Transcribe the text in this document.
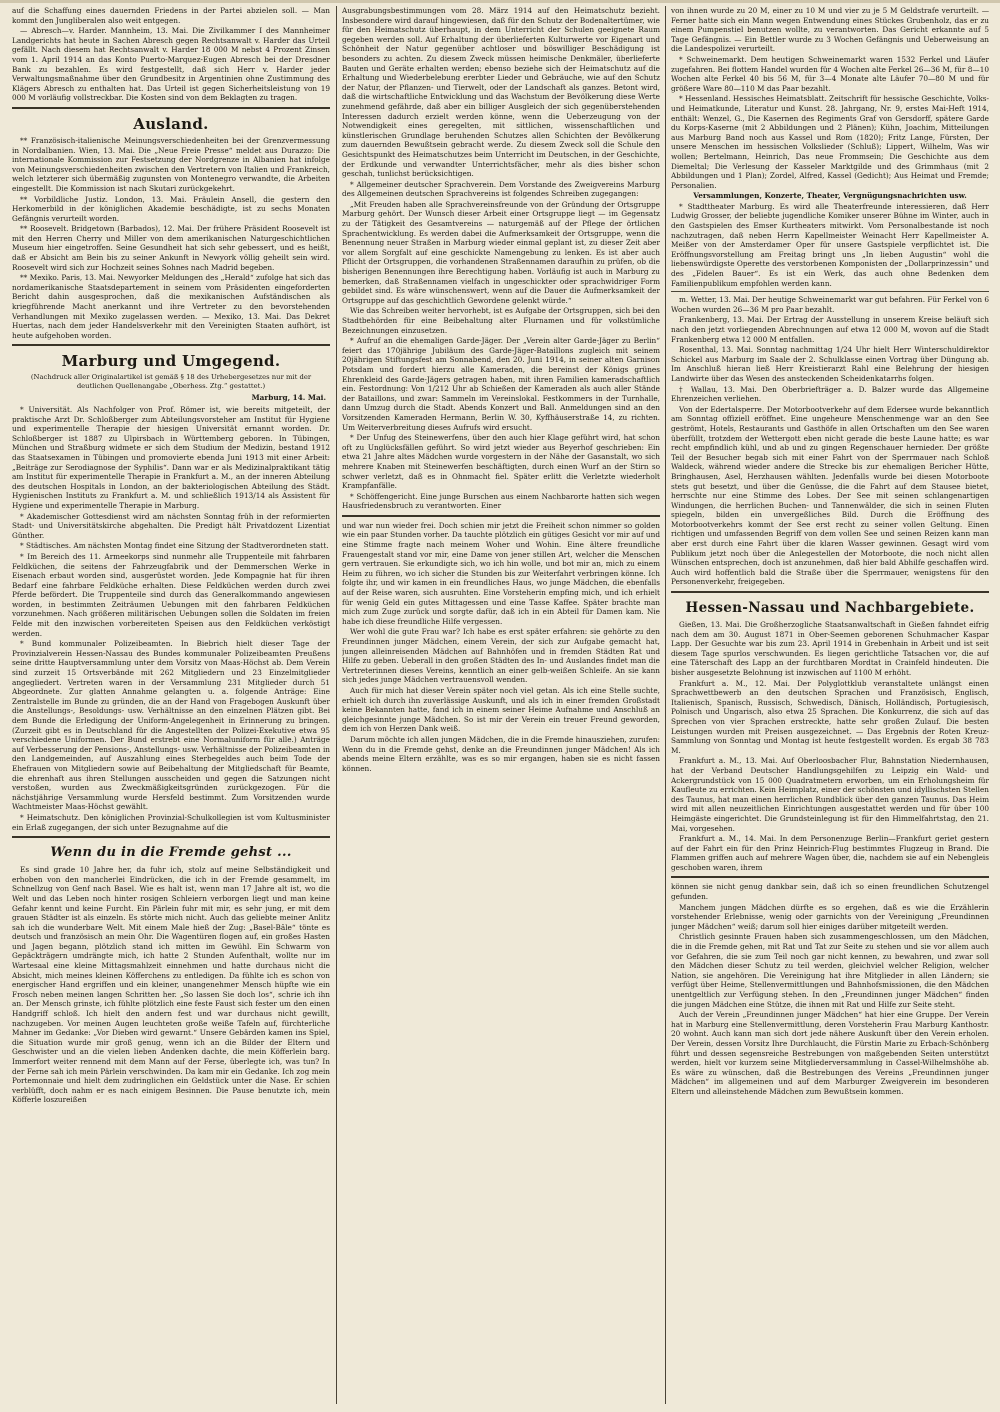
auf die Schaffung eines dauernden Friedens in der Partei abzielen soll. — Man kommt den Jungliberalen also weit entgegen.

— Abresch—v. Harder. Mannheim, 13. Mai. Die Zivilkammer I des Mannheimer Landgerichts hat heute in Sachen Abresch gegen Rechtsanwalt v. Harder das Urteil gefällt. Nach diesem hat Rechtsanwalt v. Harder 18 000 M nebst 4 Prozent Zinsen vom 1. April 1914 an das Konto Puerto-Marquez-Eugen Abresch bei der Dresdner Bank zu bezahlen. Es wird festgestellt, daß sich Herr v. Harder jeder Verwaltungsmaßnahme über den Grundbesitz in Argentinien ohne Zustimmung des Klägers Abresch zu enthalten hat. Das Urteil ist gegen Sicherheitsleistung von 19 000 M vorläufig vollstreckbar. Die Kosten sind von dem Beklagten zu tragen.

Ausland.

** Französisch-italienische Meinungsverschiedenheiten bei der Grenzvermessung in Nordalbanien. Wien, 13. Mai. Die „Neue Freie Presse“ meldet aus Durazzo: Die internationale Kommission zur Festsetzung der Nordgrenze in Albanien hat infolge von Meinungsverschiedenheiten zwischen den Vertretern von Italien und Frankreich, welch letzterer sich übermäßig zugunsten von Montenegro verwandte, die Arbeiten eingestellt. Die Kommission ist nach Skutari zurückgekehrt.

** Vorbildliche Justiz. London, 13. Mai. Fräulein Ansell, die gestern den Herkomerbild in der königlichen Akademie beschädigte, ist zu sechs Monaten Gefängnis verurteilt worden.

** Roosevelt. Bridgetown (Barbados), 12. Mai. Der frühere Präsident Roosevelt ist mit den Herren Cherry und Miller von dem amerikanischen Naturgeschichtlichen Museum hier eingetroffen. Seine Gesundheit hat sich sehr gebessert, und es heißt, daß er Absicht am Bein bis zu seiner Ankunft in Newyork völlig geheilt sein wird. Roosevelt wird sich zur Hochzeit seines Sohnes nach Madrid begeben.

** Mexiko. Paris, 13. Mai. Newyorker Meldungen des „Herald“ zufolge hat sich das nordamerikanische Staatsdepartement in seinem vom Präsidenten eingeforderten Bericht dahin ausgesprochen, daß die mexikanischen Aufständischen als kriegführende Macht anerkannt und ihre Vertreter zu den bevorstehenden Verhandlungen mit Mexiko zugelassen werden. — Mexiko, 13. Mai. Das Dekret Huertas, nach dem jeder Handelsverkehr mit den Vereinigten Staaten aufhört, ist heute aufgehoben worden.

Marburg und Umgegend.
(Nachdruck aller Originalartikel ist gemäß § 18 des Urhebergesetzes nur mit der deutlichen Quellenangabe „Oberhess. Ztg.“ gestattet.)
Marburg, 14. Mai.

* Universität. Als Nachfolger von Prof. Römer ist, wie bereits mitgeteilt, der praktische Arzt Dr. Schloßberger zum Abteilungsvorsteher am Institut für Hygiene und experimentelle Therapie der hiesigen Universität ernannt worden. Dr. Schloßberger ist 1887 zu Ulpirsbach in Württemberg geboren. In Tübingen, München und Straßburg widmete er sich dem Studium der Medizin, bestand 1912 das Staatsexamen in Tübingen und promovierte ebenda Juni 1913 mit einer Arbeit: „Beiträge zur Serodiagnose der Syphilis“. Dann war er als Medizinalpraktikant tätig am Institut für experimentelle Therapie in Frankfurt a. M., an der inneren Abteilung des deutschen Hospitals in London, an der bakteriologischen Abteilung des Städt. Hygienischen Instituts zu Frankfurt a. M. und schließlich 1913/14 als Assistent für Hygiene und experimentelle Therapie in Marburg.

* Akademischer Gottesdienst wird am nächsten Sonntag früh in der reformierten Stadt- und Universitätskirche abgehalten. Die Predigt hält Privatdozent Lizentiat Günther.

* Städtisches. Am nächsten Montag findet eine Sitzung der Stadtverordneten statt.

* Im Bereich des 11. Armeekorps sind nunmehr alle Truppenteile mit fahrbaren Feldküchen, die seitens der Fahrzeugfabrik und der Demmerschen Werke in Eisenach erbaut worden sind, ausgerüstet worden. Jede Kompagnie hat für ihren Bedarf eine fahrbare Feldküche erhalten. Diese Feldküchen werden durch zwei Pferde befördert. Die Truppenteile sind durch das Generalkommando angewiesen worden, in bestimmten Zeiträumen Uebungen mit den fahrbaren Feldküchen vorzunehmen. Nach größeren militärischen Uebungen sollen die Soldaten im freien Felde mit den inzwischen vorbereiteten Speisen aus den Feldküchen verköstigt werden.

* Bund kommunaler Polizeibeamten. In Biebrich hielt dieser Tage der Provinzialverein Hessen-Nassau des Bundes kommunaler Polizeibeamten Preußens seine dritte Hauptversammlung unter dem Vorsitz von Maas-Höchst ab. Dem Verein sind zurzeit 15 Ortsverbände mit 262 Mitgliedern und 23 Einzelmitglieder angegliedert. Vertreten waren in der Versammlung 231 Mitglieder durch 51 Abgeordnete. Zur glatten Annahme gelangten u. a. folgende Anträge: Eine Zentralstelle im Bunde zu gründen, die an der Hand von Fragebogen Auskunft über die Anstellungs-, Besoldungs- usw. Verhältnisse an den einzelnen Plätzen gibt. Bei dem Bunde die Erledigung der Uniform-Angelegenheit in Erinnerung zu bringen. (Zurzeit gibt es in Deutschland für die Angestellten der Polizei-Exekutive etwa 95 verschiedene Uniformen. Der Bund erstrebt eine Normaluniform für alle.) Anträge auf Verbesserung der Pensions-, Anstellungs- usw. Verhältnisse der Polizeibeamten in den Landgemeinden, auf Auszahlung eines Sterbegeldes auch beim Tode der Ehefrauen von Mitgliedern sowie auf Beibehaltung der Mitgliedschaft für Beamte, die ehrenhaft aus ihren Stellungen ausscheiden und gegen die Satzungen nicht verstoßen, wurden aus Zweckmäßigkeitsgründen zurückgezogen. Für die nächstjährige Versammlung wurde Hersfeld bestimmt. Zum Vorsitzenden wurde Wachtmeister Maas-Höchst gewählt.

* Heimatschutz. Den königlichen Provinzial-Schulkollegien ist vom Kultusminister ein Erlaß zugegangen, der sich unter Bezugnahme auf die

Wenn du in die Fremde gehst ...

Es sind grade 10 Jahre her, da fuhr ich, stolz auf meine Selbständigkeit und erhoben von den mancherlei Eindrücken, die ich in der Fremde gesammelt, im Schnellzug von Genf nach Basel. Wie es halt ist, wenn man 17 Jahre alt ist, wo die Welt und das Leben noch hinter rosigen Schleiern verborgen liegt und man keine Gefahr kennt und keine Furcht. Ein Pärlein fuhr mit mir, es sehr jung, er mit dem grauen Städter ist als einzeln. Es störte mich nicht. Auch das geliebte meiner Anlitz sah ich die wunderbare Welt. Mit einem Male hieß der Zug: „Basel-Bâle“ tönte es deutsch und französisch an mein Ohr. Die Wagentüren flogen auf, ein großes Hasten und Jagen begann, plötzlich stand ich mitten im Gewühl. Ein Schwarm von Gepäckträgern umdrängte mich, ich hatte 2 Stunden Aufenthalt, wollte nur im Wartesaal eine kleine Mittagsmahlzeit einnehmen und hatte durchaus nicht die Absicht, mich meines kleinen Köfferchens zu entledigen. Da fühlte ich es schon von energischer Hand ergriffen und ein kleiner, unangenehmer Mensch hüpfte wie ein Frosch neben meinen langen Schritten her. „So lassen Sie doch los“, schrie ich ihn an. Der Mensch grinste, ich fühlte plötzlich eine feste Faust sich fester um den einen Handgriff schloß. Ich hielt den andern fest und war durchaus nicht gewillt, nachzugeben. Vor meinen Augen leuchteten große weiße Tafeln auf, fürchterliche Mahner im Gedanke: „Vor Dieben wird gewarnt.“ Unsere Gebärden kamen ins Spiel, die Situation wurde mir groß genug, wenn ich an die Bilder der Eltern und Geschwister und an die vielen lieben Andenken dachte, die mein Köfferlein barg. Immerfort weiter rennend mit dem Mann auf der Ferse, überlegte ich, was tun? In der Ferne sah ich mein Pärlein verschwinden. Da kam mir ein Gedanke. Ich zog mein Portemonnaie und hielt dem zudringlichen ein Geldstück unter die Nase. Er schien verblüfft, doch nahm er es nach einigem Besinnen. Die Pause benutzte ich, mein Köfferle loszureißen

Ausgrabungsbestimmungen vom 28. März 1914 auf den Heimatschutz bezieht. Insbesondere wird darauf hingewiesen, daß für den Schutz der Bodenaltertümer, wie für den Heimatschutz überhaupt, in dem Unterricht der Schulen geeignete Raum gegeben werden soll. Auf Erhaltung der überlieferten Kulturwerte vor Eigenart und Schönheit der Natur gegenüber achtloser und böswilliger Beschädigung ist besonders zu achten. Zu diesem Zweck müssen heimische Denkmäler, überlieferte Bauten und Geräte erhalten werden; ebenso beziehe sich der Heimatschutz auf die Erhaltung und Wiederbelebung ererbter Lieder und Gebräuche, wie auf den Schutz der Natur, der Pflanzen- und Tierwelt, oder der Landschaft als ganzes. Betont wird, daß die wirtschaftliche Entwicklung und das Wachstum der Bevölkerung diese Werte zunehmend gefährde, daß aber ein billiger Ausgleich der sich gegenüberstehenden Interessen dadurch erzielt werden könne, wenn die Ueberzeugung von der Notwendigkeit eines geregelten, mit sittlichen, wissenschaftlichen und künstlerischen Grundlage beruhenden Schutzes allen Schichten der Bevölkerung zum dauernden Bewußtsein gebracht werde. Zu diesem Zweck soll die Schule den Gesichtspunkt des Heimatschutzes beim Unterricht im Deutschen, in der Geschichte, der Erdkunde und verwandter Unterrichtsfächer, mehr als dies bisher schon geschah, tunlichst berücksichtigen.

* Allgemeiner deutscher Sprachverein. Dem Vorstande des Zweigvereins Marburg des Allgemeinen deutschen Sprachvereins ist folgendes Schreiben zugegangen:

„Mit Freuden haben alle Sprachvereinsfreunde von der Gründung der Ortsgruppe Marburg gehört. Der Wunsch dieser Arbeit einer Ortsgruppe liegt — im Gegensatz zu der Tätigkeit des Gesamtvereins — naturgemäß auf der Pflege der örtlichen Sprachentwicklung. Es werden dabei die Aufmerksamkeit der Ortsgruppe, wenn die Benennung neuer Straßen in Marburg wieder einmal geplant ist, zu dieser Zeit aber vor allem Sorgfalt auf eine geschickte Namengebung zu lenken. Es ist aber auch Pflicht der Ortsgruppen, die vorhandenen Straßennamen daraufhin zu prüfen, ob die bisherigen Benennungen ihre Berechtigung haben. Vorläufig ist auch in Marburg zu bemerken, daß Straßennamen vielfach in ungeschickter oder sprachwidriger Form gebildet sind. Es wäre wünschenswert, wenn auf die Dauer die Aufmerksamkeit der Ortsgruppe auf das geschichtlich Gewordene gelenkt würde.“

Wie das Schreiben weiter hervorhebt, ist es Aufgabe der Ortsgruppen, sich bei den Stadtbehörden für eine Beibehaltung alter Flurnamen und für volkstümliche Bezeichnungen einzusetzen.

* Aufruf an die ehemaligen Garde-Jäger. Der „Verein alter Garde-Jäger zu Berlin“ feiert das 170jährige Jubiläum des Garde-Jäger-Bataillons zugleich mit seinem 20jährigen Stiftungsfest am Sonnabend, den 20. Juni 1914, in seiner alten Garnison Potsdam und fordert hierzu alle Kameraden, die bereinst der Königs grünes Ehrenkleid des Garde-Jägers getragen haben, mit ihren Familien kameradschaftlich ein. Festordnung: Von 1/212 Uhr ab Schießen der Kameraden als auch aller Stände der Bataillons, und zwar: Sammeln im Vereinslokal. Festkommers in der Turnhalle, dann Umzug durch die Stadt. Abends Konzert und Ball. Anmeldungen sind an den Vorsitzenden Kameraden Hermann, Berlin W. 30, Kyffhäuserstraße 14, zu richten. Um Weiterverbreitung dieses Aufrufs wird ersucht.

* Der Unfug des Steinewerfens, über den auch hier Klage geführt wird, hat schon oft zu Unglücksfällen geführt. So wird jetzt wieder aus Beyerhof geschrieben: Ein etwa 21 Jahre altes Mädchen wurde vorgestern in der Nähe der Gasanstalt, wo sich mehrere Knaben mit Steinewerfen beschäftigten, durch einen Wurf an der Stirn so schwer verletzt, daß es in Ohnmacht fiel. Später erlitt die Verletzte wiederholt Krampfanfälle.

* Schöffengericht. Eine junge Burschen aus einem Nachbarorte hatten sich wegen Hausfriedensbruch zu verantworten. Einer

und war nun wieder frei. Doch schien mir jetzt die Freiheit schon nimmer so golden wie ein paar Stunden vorher. Da tauchte plötzlich ein gütiges Gesicht vor mir auf und eine Stimme fragte nach meinem Woher und Wohin. Eine ältere freundliche Frauengestalt stand vor mir, eine Dame von jener stillen Art, welcher die Menschen gern vertrauen. Sie erkundigte sich, wo ich hin wolle, und bot mir an, mich zu einem Heim zu führen, wo ich sicher die Stunden bis zur Weiterfahrt verbringen könne. Ich folgte ihr, und wir kamen in ein freundliches Haus, wo junge Mädchen, die ebenfalls auf der Reise waren, sich ausruhten. Eine Vorsteherin empfing mich, und ich erhielt für wenig Geld ein gutes Mittagessen und eine Tasse Kaffee. Später brachte man mich zum Zuge zurück und sorgte dafür, daß ich in ein Abteil für Damen kam. Nie habe ich diese freundliche Hilfe vergessen.

Wer wohl die gute Frau war? Ich habe es erst später erfahren: sie gehörte zu den Freundinnen junger Mädchen, einem Verein, der sich zur Aufgabe gemacht hat, jungen alleinreisenden Mädchen auf Bahnhöfen und in fremden Städten Rat und Hilfe zu geben. Ueberall in den großen Städten des In- und Auslandes findet man die Vertreterinnen dieses Vereins, kenntlich an einer gelb-weißen Schleife. An sie kann sich jedes junge Mädchen vertrauensvoll wenden.

Auch für mich hat dieser Verein später noch viel getan. Als ich eine Stelle suchte, erhielt ich durch ihn zuverlässige Auskunft, und als ich in einer fremden Großstadt keine Bekannten hatte, fand ich in einem seiner Heime Aufnahme und Anschluß an gleichgesinnte junge Mädchen. So ist mir der Verein ein treuer Freund geworden, dem ich von Herzen Dank weiß.

Darum möchte ich allen jungen Mädchen, die in die Fremde hinausziehen, zurufen: Wenn du in die Fremde gehst, denke an die Freundinnen junger Mädchen! Als ich abends meine Eltern erzählte, was es so mir ergangen, haben sie es nicht fassen können.

von ihnen wurde zu 20 M, einer zu 10 M und vier zu je 5 M Geldstrafe verurteilt. — Ferner hatte sich ein Mann wegen Entwendung eines Stückes Grubenholz, das er zu einem Pumpenstiel benutzen wollte, zu verantworten. Das Gericht erkannte auf 5 Tage Gefängnis. — Ein Bettler wurde zu 3 Wochen Gefängnis und Ueberweisung an die Landespolizei verurteilt.

* Schweinemarkt. Dem heutigen Schweinemarkt waren 1532 Ferkel und Läufer zugefahren. Bei flottem Handel wurden für 4 Wochen alte Ferkel 26—36 M, für 8—10 Wochen alte Ferkel 40 bis 56 M, für 3—4 Monate alte Läufer 70—80 M und für größere Ware 80—110 M das Paar bezahlt.

* Hessenland. Hessisches Heimatsblatt. Zeitschrift für hessische Geschichte, Volks- und Heimatkunde, Literatur und Kunst. 28. Jahrgang, Nr. 9, erstes Mai-Heft 1914, enthält: Wenzel, G., Die Kasernen des Regiments Graf von Gersdorff, spätere Garde du Korps-Kaserne (mit 2 Abbildungen und 2 Plänen); Kühn, Joachim, Mitteilungen aus Marburg Band noch aus Kassel und Rom (1820); Fritz Lange, Fürsten, Der unsere Menschen im hessischen Volkslieder (Schluß); Lippert, Wilhelm, Was wir wollen; Bertelmann, Heinrich, Das neue Frommsein; Die Geschichte aus dem Diemeltal; Die Verlesung der Kasseler Marktgilde und des Grimmhaus (mit 2 Abbildungen und 1 Plan); Zordel, Alfred, Kassel (Gedicht); Aus Heimat und Fremde; Personalien.

Versammlungen, Konzerte, Theater, Vergnügungsnachrichten usw.

* Stadttheater Marburg. Es wird alle Theaterfreunde interessieren, daß Herr Ludwig Grosser, der beliebte jugendliche Komiker unserer Bühne im Winter, auch in den Gastspielen des Emser Kurtheaters mitwirkt. Vom Personalbestande ist noch nachzutragen, daß neben Herrn Kapellmeister Weinacht Herr Kapellmeister A. Meißer von der Amsterdamer Oper für unsere Gastspiele verpflichtet ist. Die Eröffnungsvorstellung am Freitag bringt uns „In lieben Augustin“ wohl die liebenswürdigste Operette des verstorbenen Komponisten der „Dollarprinzessin“ und des „Fidelen Bauer“. Es ist ein Werk, das auch ohne Bedenken dem Familienpublikum empfohlen werden kann.

m. Wetter, 13. Mai. Der heutige Schweinemarkt war gut befahren. Für Ferkel von 6 Wochen wurden 26—36 M pro Paar bezahlt.

Frankenberg, 13. Mai. Der Ertrag der Ausstellung in unserem Kreise beläuft sich nach den jetzt vorliegenden Abrechnungen auf etwa 12 000 M, wovon auf die Stadt Frankenberg etwa 12 000 M entfallen.

Rosenthal, 13. Mai. Sonntag nachmittag 1/24 Uhr hielt Herr Winterschuldirektor Schickel aus Marburg im Saale der 2. Schulklasse einen Vortrag über Düngung ab. Im Anschluß hieran ließ Herr Kreistierarzt Rahl eine Belehrung der hiesigen Landwirte über das Wesen des ansteckenden Scheidenkatarrhs folgen.

† Wallau, 13. Mai. Den Oberbriefträger a. D. Balzer wurde das Allgemeine Ehrenzeichen verliehen.

Von der Edertalsperre. Der Motorbootverkehr auf dem Edersee wurde bekanntlich am Sonntag offiziell eröffnet. Eine ungeheure Menschenmenge war an den See geströmt, Hotels, Restaurants und Gasthöfe in allen Ortschaften um den See waren überfüllt, trotzdem der Wettergott eben nicht gerade die beste Laune hatte; es war recht empfindlich kühl, und ab und zu gingen Regenschauer hernieder. Der größte Teil der Besucher begab sich mit einer Fahrt von der Sperrmauer nach Schloß Waldeck, während wieder andere die Strecke bis zur ehemaligen Bericher Hütte, Bringhausen, Asel, Herzhausen wählten. Jedenfalls wurde bei diesen Motorboote stets gut besetzt, und über die Genüsse, die die Fahrt auf dem Stausee bietet, herrschte nur eine Stimme des Lobes. Der See mit seinen schlangenartigen Windungen, die herrlichen Buchen- und Tannenwälder, die sich in seinen Fluten spiegeln, bilden ein unvergeßliches Bild. Durch die Eröffnung des Motorbootverkehrs kommt der See erst recht zu seiner vollen Geltung. Einen richtigen und umfassenden Begriff von dem vollen See und seinen Reizen kann man aber erst durch eine Fahrt über die klaren Wasser gewinnen. Gesagt wird vom Publikum jetzt noch über die Anlegestellen der Motorboote, die noch nicht allen Wünschen entsprechen, doch ist anzunehmen, daß hier bald Abhilfe geschaffen wird. Auch wird hoffentlich bald die Straße über die Sperrmauer, wenigstens für den Personenverkehr, freigegeben.

Hessen-Nassau und Nachbargebiete.

Gießen, 13. Mai. Die Großherzogliche Staatsanwaltschaft in Gießen fahndet eifrig nach dem am 30. August 1871 in Ober-Seemen geborenen Schuhmacher Kaspar Lapp. Der Gesuchte war bis zum 23. April 1914 in Grebenhain in Arbeit und ist seit diesem Tage spurlos verschwunden. Es liegen gerichtliche Tatsachen vor, die auf eine Täterschaft des Lapp an der furchtbaren Mordtat in Crainfeld hindeuten. Die bisher ausgesetzte Belohnung ist inzwischen auf 1100 M erhöht.

Frankfurt a. M., 12. Mai. Der Polyglottklub veranstaltete unlängst einen Sprachwettbewerb an den deutschen Sprachen und Französisch, Englisch, Italienisch, Spanisch, Russisch, Schwedisch, Dänisch, Holländisch, Portugiesisch, Polnisch und Ungarisch, also etwa 25 Sprachen. Die Konkurrenz, die sich auf das Sprechen von vier Sprachen erstreckte, hatte sehr großen Zulauf. Die besten Leistungen wurden mit Preisen ausgezeichnet. — Das Ergebnis der Roten Kreuz-Sammlung von Sonntag und Montag ist heute festgestellt worden. Es ergab 38 783 M.

Frankfurt a. M., 13. Mai. Auf Oberloosbacher Flur, Bahnstation Niedernhausen, hat der Verband Deutscher Handlungsgehilfen zu Leipzig ein Wald- und Ackergrundstück von 15 000 Quadratmetern erworben, um ein Erholungsheim für Kaufleute zu errichten. Kein Heimplatz, einer der schönsten und idyllischsten Stellen des Taunus, hat man einen herrlichen Rundblick über den ganzen Taunus. Das Heim wird mit allen neuzeitlichen Einrichtungen ausgestattet werden und für über 100 Heimgäste eingerichtet. Die Grundsteinlegung ist für den Himmelfahrtstag, den 21. Mai, vorgesehen.

Frankfurt a. M., 14. Mai. In dem Personenzuge Berlin—Frankfurt geriet gestern auf der Fahrt ein für den Prinz Heinrich-Flug bestimmtes Flugzeug in Brand. Die Flammen griffen auch auf mehrere Wagen über, die, nachdem sie auf ein Nebengleis geschoben waren, ihrem

können sie nicht genug dankbar sein, daß ich so einen freundlichen Schutzengel gefunden.

Manchem jungen Mädchen dürfte es so ergehen, daß es wie die Erzählerin vorstehender Erlebnisse, wenig oder garnichts von der Vereinigung „Freundinnen junger Mädchen“ weiß; darum soll hier einiges darüber mitgeteilt werden.

Christlich gesinnte Frauen haben sich zusammengeschlossen, um den Mädchen, die in die Fremde gehen, mit Rat und Tat zur Seite zu stehen und sie vor allem auch vor Gefahren, die sie zum Teil noch gar nicht kennen, zu bewahren, und zwar soll den Mädchen dieser Schutz zu teil werden, gleichviel welcher Religion, welcher Nation, sie angehören. Die Vereinigung hat ihre Mitglieder in allen Ländern; sie verfügt über Heime, Stellenvermittlungen und Bahnhofsmissionen, die den Mädchen unentgeltlich zur Verfügung stehen. In den „Freundinnen junger Mädchen“ finden die jungen Mädchen eine Stütze, die ihnen mit Rat und Hilfe zur Seite steht.

Auch der Verein „Freundinnen junger Mädchen“ hat hier eine Gruppe. Der Verein hat in Marburg eine Stellenvermittlung, deren Vorsteherin Frau Marburg Kanthostr. 20 wohnt. Auch kann man sich dort jede nähere Auskunft über den Verein erholen. Der Verein, dessen Vorsitz Ihre Durchlaucht, die Fürstin Marie zu Erbach-Schönberg führt und dessen segensreiche Bestrebungen von maßgebenden Seiten unterstützt werden, hielt vor kurzem seine Mitgliederversammlung in Cassel-Wilhelmshöhe ab. Es wäre zu wünschen, daß die Bestrebungen des Vereins „Freundinnen junger Mädchen“ im allgemeinen und auf dem Marburger Zweigverein im besonderen Eltern und alleinstehende Mädchen zum Bewußtsein kommen.
